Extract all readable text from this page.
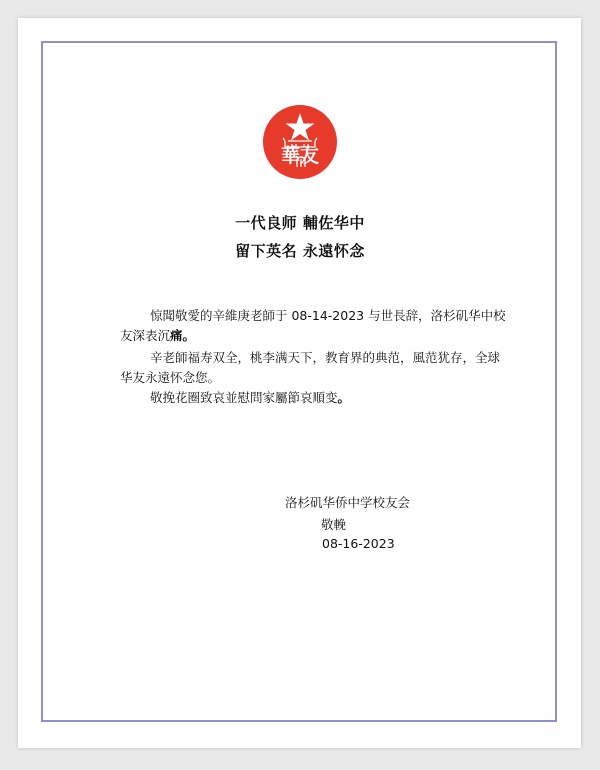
華友
一代良师 輔佐华中
留下英名 永遠怀念
惊聞敬愛的辛維庚老師于 08-14-2023 与世長辞，洛杉矶华中校
友深表沉痛。
辛老師福寿双全，桃李满天下，教育界的典范，風范犹存，全球
华友永遠怀念您。
敬挽花圈致哀並慰問家屬節哀順变。
洛杉矶华侨中学校友会
敬輓
08-16-2023
